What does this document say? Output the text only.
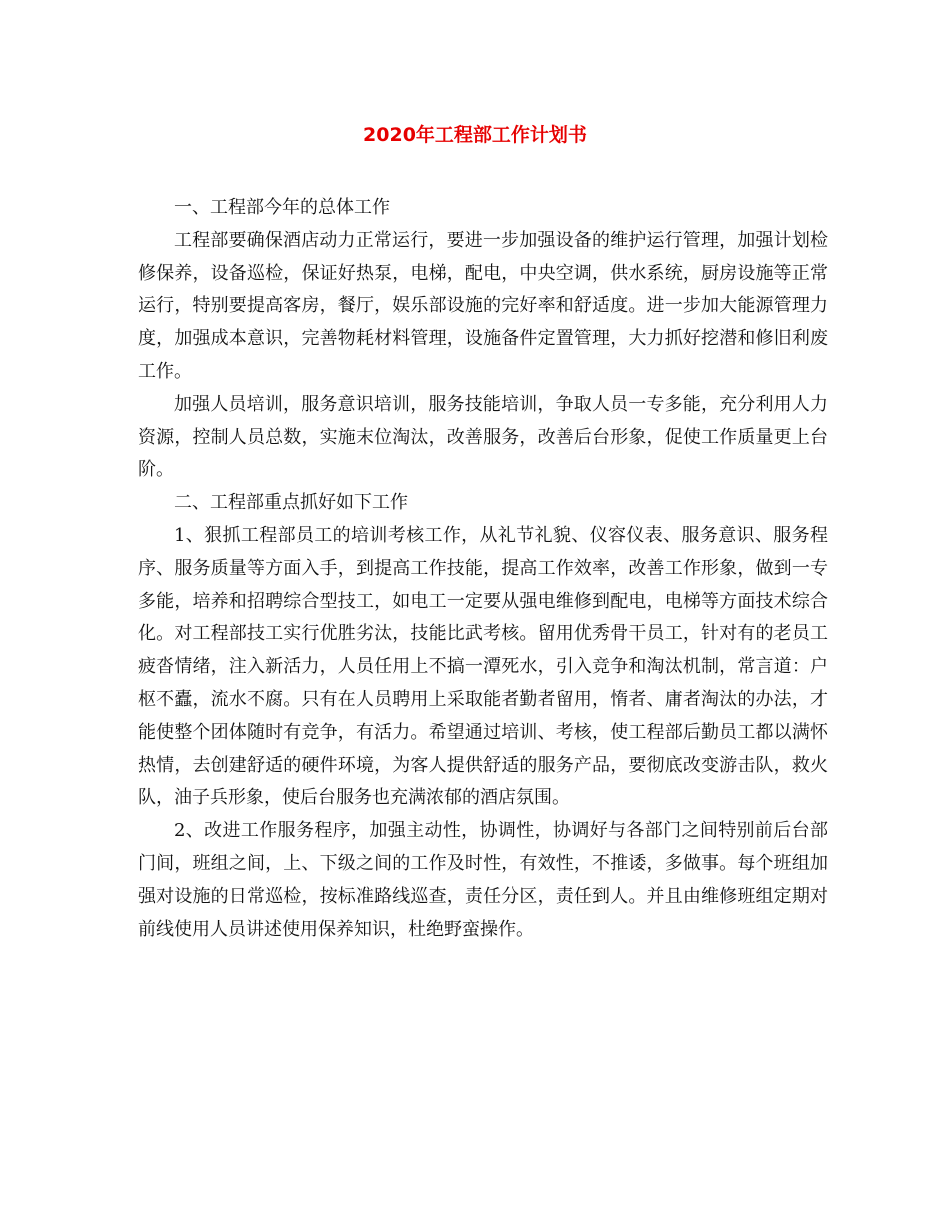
2020年工程部工作计划书

一、工程部今年的总体工作

工程部要确保酒店动力正常运行，要进一步加强设备的维护运行管理，加强计划检修保养，设备巡检，保证好热泵，电梯，配电，中央空调，供水系统，厨房设施等正常运行，特别要提高客房，餐厅，娱乐部设施的完好率和舒适度。进一步加大能源管理力度，加强成本意识，完善物耗材料管理，设施备件定置管理，大力抓好挖潜和修旧利废工作。

加强人员培训，服务意识培训，服务技能培训，争取人员一专多能，充分利用人力资源，控制人员总数，实施末位淘汰，改善服务，改善后台形象，促使工作质量更上台阶。

二、工程部重点抓好如下工作

1、狠抓工程部员工的培训考核工作，从礼节礼貌、仪容仪表、服务意识、服务程序、服务质量等方面入手，到提高工作技能，提高工作效率，改善工作形象，做到一专多能，培养和招聘综合型技工，如电工一定要从强电维修到配电，电梯等方面技术综合化。对工程部技工实行优胜劣汰，技能比武考核。留用优秀骨干员工，针对有的老员工疲沓情绪，注入新活力，人员任用上不搞一潭死水，引入竞争和淘汰机制，常言道：户枢不蠹，流水不腐。只有在人员聘用上采取能者勤者留用，惰者、庸者淘汰的办法，才能使整个团体随时有竞争，有活力。希望通过培训、考核，使工程部后勤员工都以满怀热情，去创建舒适的硬件环境，为客人提供舒适的服务产品，要彻底改变游击队，救火队，油子兵形象，使后台服务也充满浓郁的酒店氛围。

2、改进工作服务程序，加强主动性，协调性，协调好与各部门之间特别前后台部门间，班组之间，上、下级之间的工作及时性，有效性，不推诿，多做事。每个班组加强对设施的日常巡检，按标准路线巡查，责任分区，责任到人。并且由维修班组定期对前线使用人员讲述使用保养知识，杜绝野蛮操作。
